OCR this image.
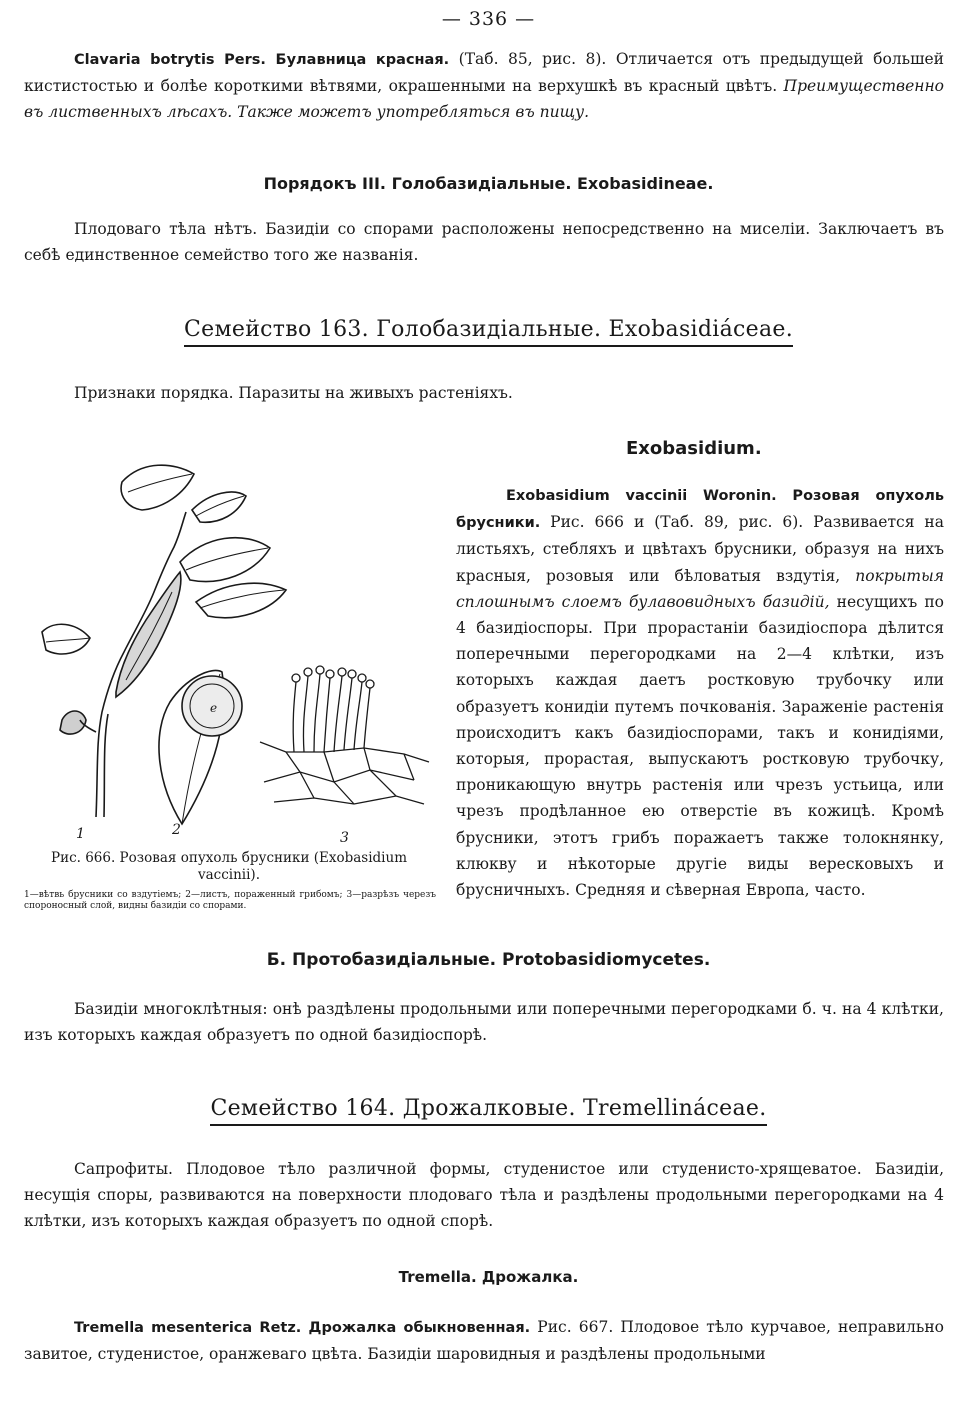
— 336 —

Clavaria botrytis Pers. Булавница красная. (Таб. 85, рис. 8). Отличается отъ предыдущей большей кистистостью и болѣе короткими вѣтвями, окрашенными на верхушкѣ въ красный цвѣтъ. Преимущественно въ лиственныхъ лѣсахъ. Также можетъ употребляться въ пищу.

Порядокъ III. Голобазидіальные. Exobasidineae.

Плодоваго тѣла нѣтъ. Базидіи со спорами расположены непосредственно на миceліи. Заключаетъ въ себѣ единственное семейство того же названія.

Семейство 163. Голобазидіальные. Exobasidiáceae.

Признаки порядка. Паразиты на живыхъ растеніяхъ.

Exobasidium.

Exobasidium vaccinii Woronin. Розовая опухоль брусники. Рис. 666 и (Таб. 89, рис. 6). Развивается на листьяхъ, стебляхъ и цвѣтахъ брусники, образуя на нихъ красныя, розовыя или бѣловатыя вздутія, покрытыя сплошнымъ слоемъ булавовидныхъ базидій, несущихъ по 4 базидіоспоры. При прорастаніи базидіоспора дѣлится поперечными перегородками на 2—4 клѣтки, изъ которыхъ каждая даетъ ростковую трубочку или образуетъ конидіи путемъ почкованія. Зараженіе растенія происходитъ какъ базидіоспорами, такъ и конидіями, которыя, прорастая, выпускаютъ ростковую трубочку, проникающую внутрь растенія или чрезъ устьица, или чрезъ продѣланное ею отверстіе въ кожицѣ. Кромѣ брусники, этотъ грибъ поражаетъ также толокнянку, клюкву и нѣкоторые другіе виды вересковыхъ и брусничныхъ. Средняя и сѣверная Европа, часто.

1	2	3
e
Рис. 666. Розовая опухоль брусники (Exobasidium vaccinii).
1—вѣтвь брусники со вздутіемъ; 2—листъ, пораженный грибомъ; 3—разрѣзъ черезъ спороносный слой, видны базидіи со спорами.
Б. Протобазидіальные. Protobasidiomycetes.

Базидіи многоклѣтныя: онѣ раздѣлены продольными или поперечными перегородками б. ч. на 4 клѣтки, изъ которыхъ каждая образуетъ по одной базидіоспорѣ.

Семейство 164. Дрожалковые. Tremellináceae.

Сапрофиты. Плодовое тѣло различной формы, студенистое или студенисто-хрящеватое. Базидіи, несущія споры, развиваются на поверхности плодоваго тѣла и раздѣлены продольными перегородками на 4 клѣтки, изъ которыхъ каждая образуетъ по одной спорѣ.

Tremella. Дрожалка.

Tremella mesenterica Retz. Дрожалка обыкновенная. Рис. 667. Плодовое тѣло курчавое, неправильно завитое, студенистое, оранжеваго цвѣта. Базидіи шаровидныя и раздѣлены продольными
